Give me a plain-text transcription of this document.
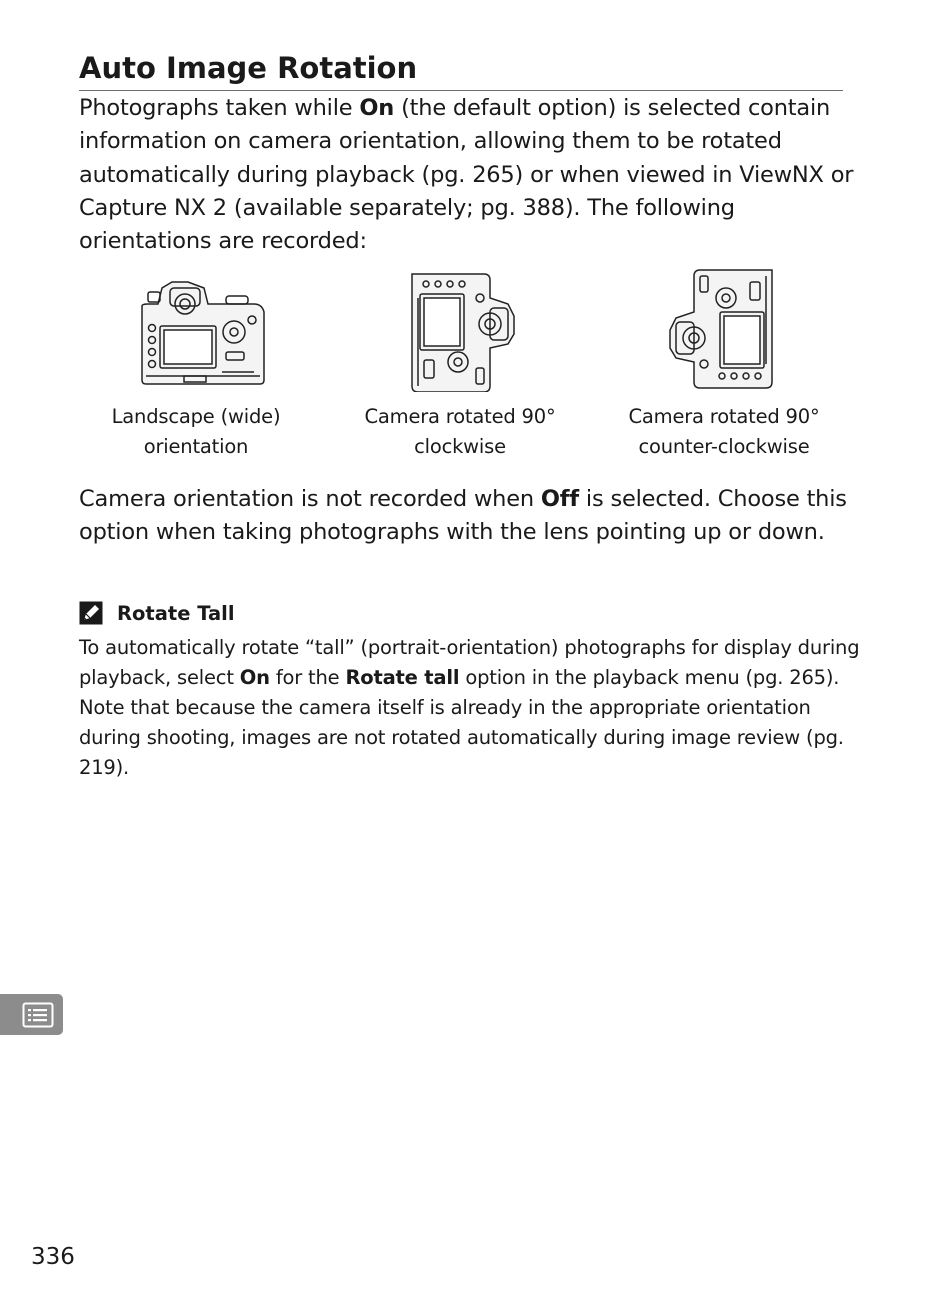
Auto Image Rotation

Photographs taken while On (the default option) is selected contain information on camera orientation, allowing them to be rotated automatically during playback (pg. 265) or when viewed in ViewNX or Capture NX 2 (available separately; pg. 388). The following orientations are recorded:

Landscape (wide)
orientation
Camera rotated 90°
clockwise
Camera rotated 90°
counter-clockwise

Camera orientation is not recorded when Off is selected. Choose this option when taking photographs with the lens pointing up or down.

Rotate Tall

To automatically rotate “tall” (portrait-orientation) photographs for display during playback, select On for the Rotate tall option in the playback menu (pg. 265). Note that because the camera itself is already in the appropriate orientation during shooting, images are not rotated automatically during image review (pg. 219).

336
